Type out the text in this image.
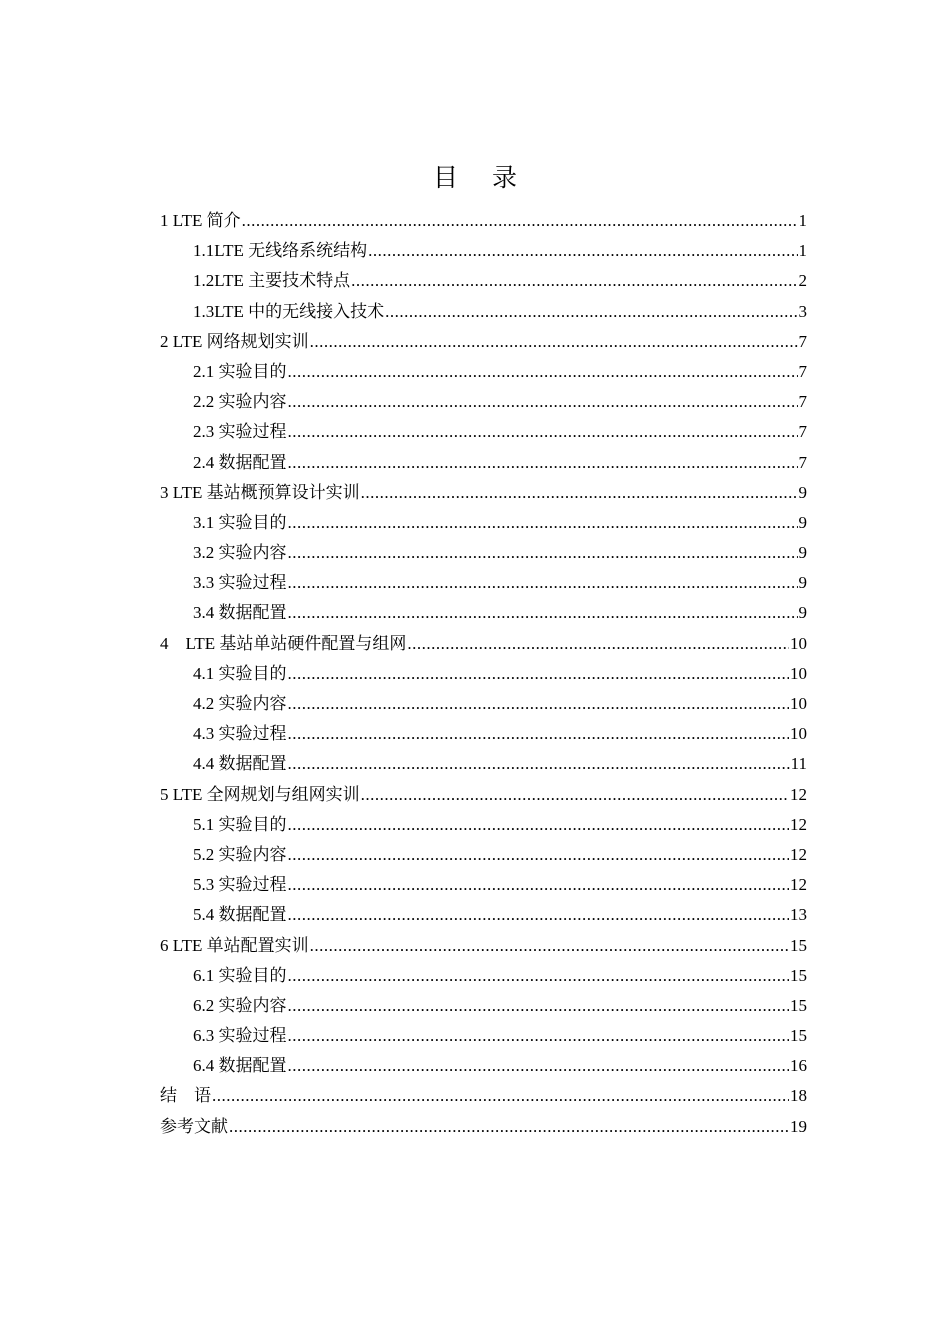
目录
1 LTE 简介 .....	1
1.1LTE 无线络系统结构 .....	1
1.2LTE 主要技术特点 .....	2
1.3LTE 中的无线接入技术 .....	3
2 LTE 网络规划实训 .....	7
2.1 实验目的 .....	7
2.2 实验内容 .....	7
2.3 实验过程 .....	7
2.4 数据配置 .....	7
3 LTE 基站概预算设计实训 .....	9
3.1 实验目的 .....	9
3.2 实验内容 .....	9
3.3 实验过程 .....	9
3.4 数据配置 .....	9
4　LTE 基站单站硬件配置与组网 .....	10
4.1 实验目的 .....	10
4.2 实验内容 .....	10
4.3 实验过程 .....	10
4.4 数据配置 .....	11
5 LTE 全网规划与组网实训 .....	12
5.1 实验目的 .....	12
5.2 实验内容 .....	12
5.3 实验过程 .....	12
5.4 数据配置 .....	13
6 LTE 单站配置实训 .....	15
6.1 实验目的 .....	15
6.2 实验内容 .....	15
6.3 实验过程 .....	15
6.4 数据配置 .....	16
结　语 .....	18
参考文献 .....	19
